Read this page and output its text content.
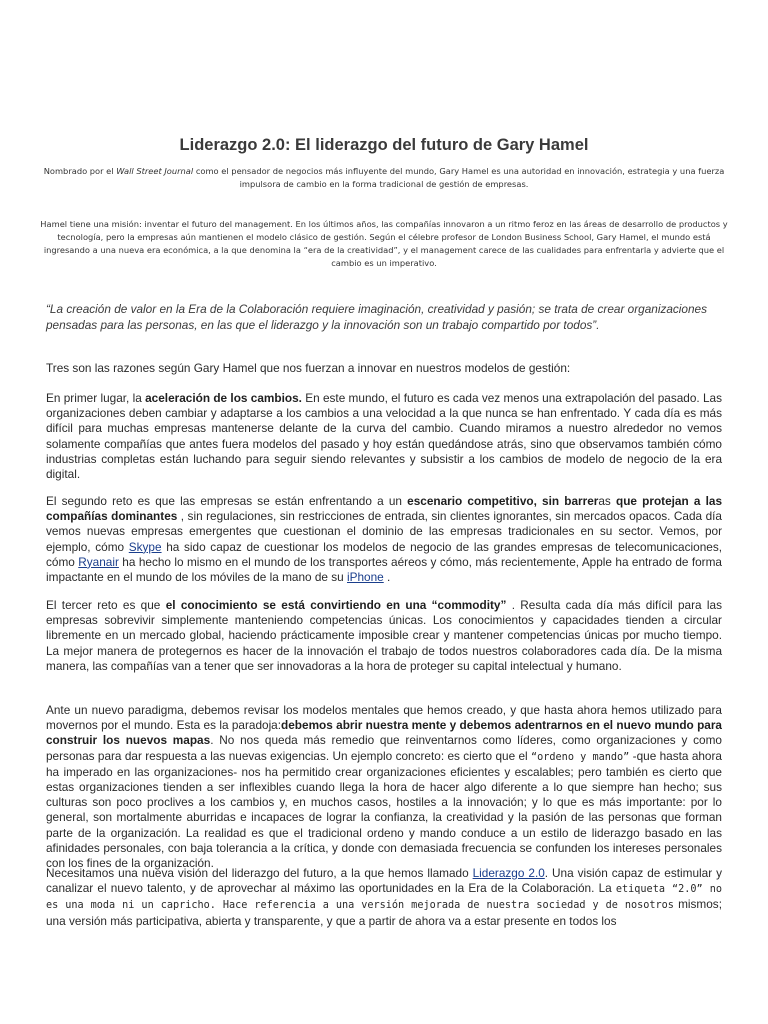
Liderazgo 2.0: El liderazgo del futuro de Gary Hamel

Nombrado por el Wall Street Journal como el pensador de negocios más influyente del mundo, Gary Hamel es una autoridad en innovación, estrategia y una fuerza impulsora de cambio en la forma tradicional de gestión de empresas.

Hamel tiene una misión: inventar el futuro del management. En los últimos años, las compañías innovaron a un ritmo feroz en las áreas de desarrollo de productos y tecnología, pero la empresas aún mantienen el modelo clásico de gestión. Según el célebre profesor de London Business School, Gary Hamel, el mundo está ingresando a una nueva era económica, a la que denomina la “era de la creatividad”, y el management carece de las cualidades para enfrentarla y advierte que el cambio es un imperativo.

“La creación de valor en la Era de la Colaboración requiere imaginación, creatividad y pasión; se trata de crear organizaciones pensadas para las personas, en las que el liderazgo y la innovación son un trabajo compartido por todos”.

Tres son las razones según Gary Hamel que nos fuerzan a innovar en nuestros modelos de gestión:

En primer lugar, la aceleración de los cambios. En este mundo, el futuro es cada vez menos una extrapolación del pasado. Las organizaciones deben cambiar y adaptarse a los cambios a una velocidad a la que nunca se han enfrentado. Y cada día es más difícil para muchas empresas mantenerse delante de la curva del cambio. Cuando miramos a nuestro alrededor no vemos solamente compañías que antes fuera modelos del pasado y hoy están quedándose atrás, sino que observamos también cómo industrias completas están luchando para seguir siendo relevantes y subsistir a los cambios de modelo de negocio de la era digital.

El segundo reto es que las empresas se están enfrentando a un escenario competitivo, sin barreras que protejan a las compañías dominantes , sin regulaciones, sin restricciones de entrada, sin clientes ignorantes, sin mercados opacos. Cada día vemos nuevas empresas emergentes que cuestionan el dominio de las empresas tradicionales en su sector. Vemos, por ejemplo, cómo Skype ha sido capaz de cuestionar los modelos de negocio de las grandes empresas de telecomunicaciones, cómo Ryanair ha hecho lo mismo en el mundo de los transportes aéreos y cómo, más recientemente, Apple ha entrado de forma impactante en el mundo de los móviles de la mano de su iPhone .

El tercer reto es que el conocimiento se está convirtiendo en una “commodity” . Resulta cada día más difícil para las empresas sobrevivir simplemente manteniendo competencias únicas. Los conocimientos y capacidades tienden a circular libremente en un mercado global, haciendo prácticamente imposible crear y mantener competencias únicas por mucho tiempo. La mejor manera de protegernos es hacer de la innovación el trabajo de todos nuestros colaboradores cada día. De la misma manera, las compañías van a tener que ser innovadoras a la hora de proteger su capital intelectual y humano.

Ante un nuevo paradigma, debemos revisar los modelos mentales que hemos creado, y que hasta ahora hemos utilizado para movernos por el mundo. Esta es la paradoja:debemos abrir nuestra mente y debemos adentrarnos en el nuevo mundo para construir los nuevos mapas. No nos queda más remedio que reinventarnos como líderes, como organizaciones y como personas para dar respuesta a las nuevas exigencias. Un ejemplo concreto: es cierto que el “ordeno y mando” -que hasta ahora ha imperado en las organizaciones- nos ha permitido crear organizaciones eficientes y escalables; pero también es cierto que estas organizaciones tienden a ser inflexibles cuando llega la hora de hacer algo diferente a lo que siempre han hecho; sus culturas son poco proclives a los cambios y, en muchos casos, hostiles a la innovación; y lo que es más importante: por lo general, son mortalmente aburridas e incapaces de lograr la confianza, la creatividad y la pasión de las personas que forman parte de la organización. La realidad es que el tradicional ordeno y mando conduce a un estilo de liderazgo basado en las afinidades personales, con baja tolerancia a la crítica, y donde con demasiada frecuencia se confunden los intereses personales con los fines de la organización.

Necesitamos una nueva visión del liderazgo del futuro, a la que hemos llamado Liderazgo 2.0. Una visión capaz de estimular y canalizar el nuevo talento, y de aprovechar al máximo las oportunidades en la Era de la Colaboración. La etiqueta “2.0” no es una moda ni un capricho. Hace referencia a una versión mejorada de nuestra sociedad y de nosotros mismos; una versión más participativa, abierta y transparente, y que a partir de ahora va a estar presente en todos los
